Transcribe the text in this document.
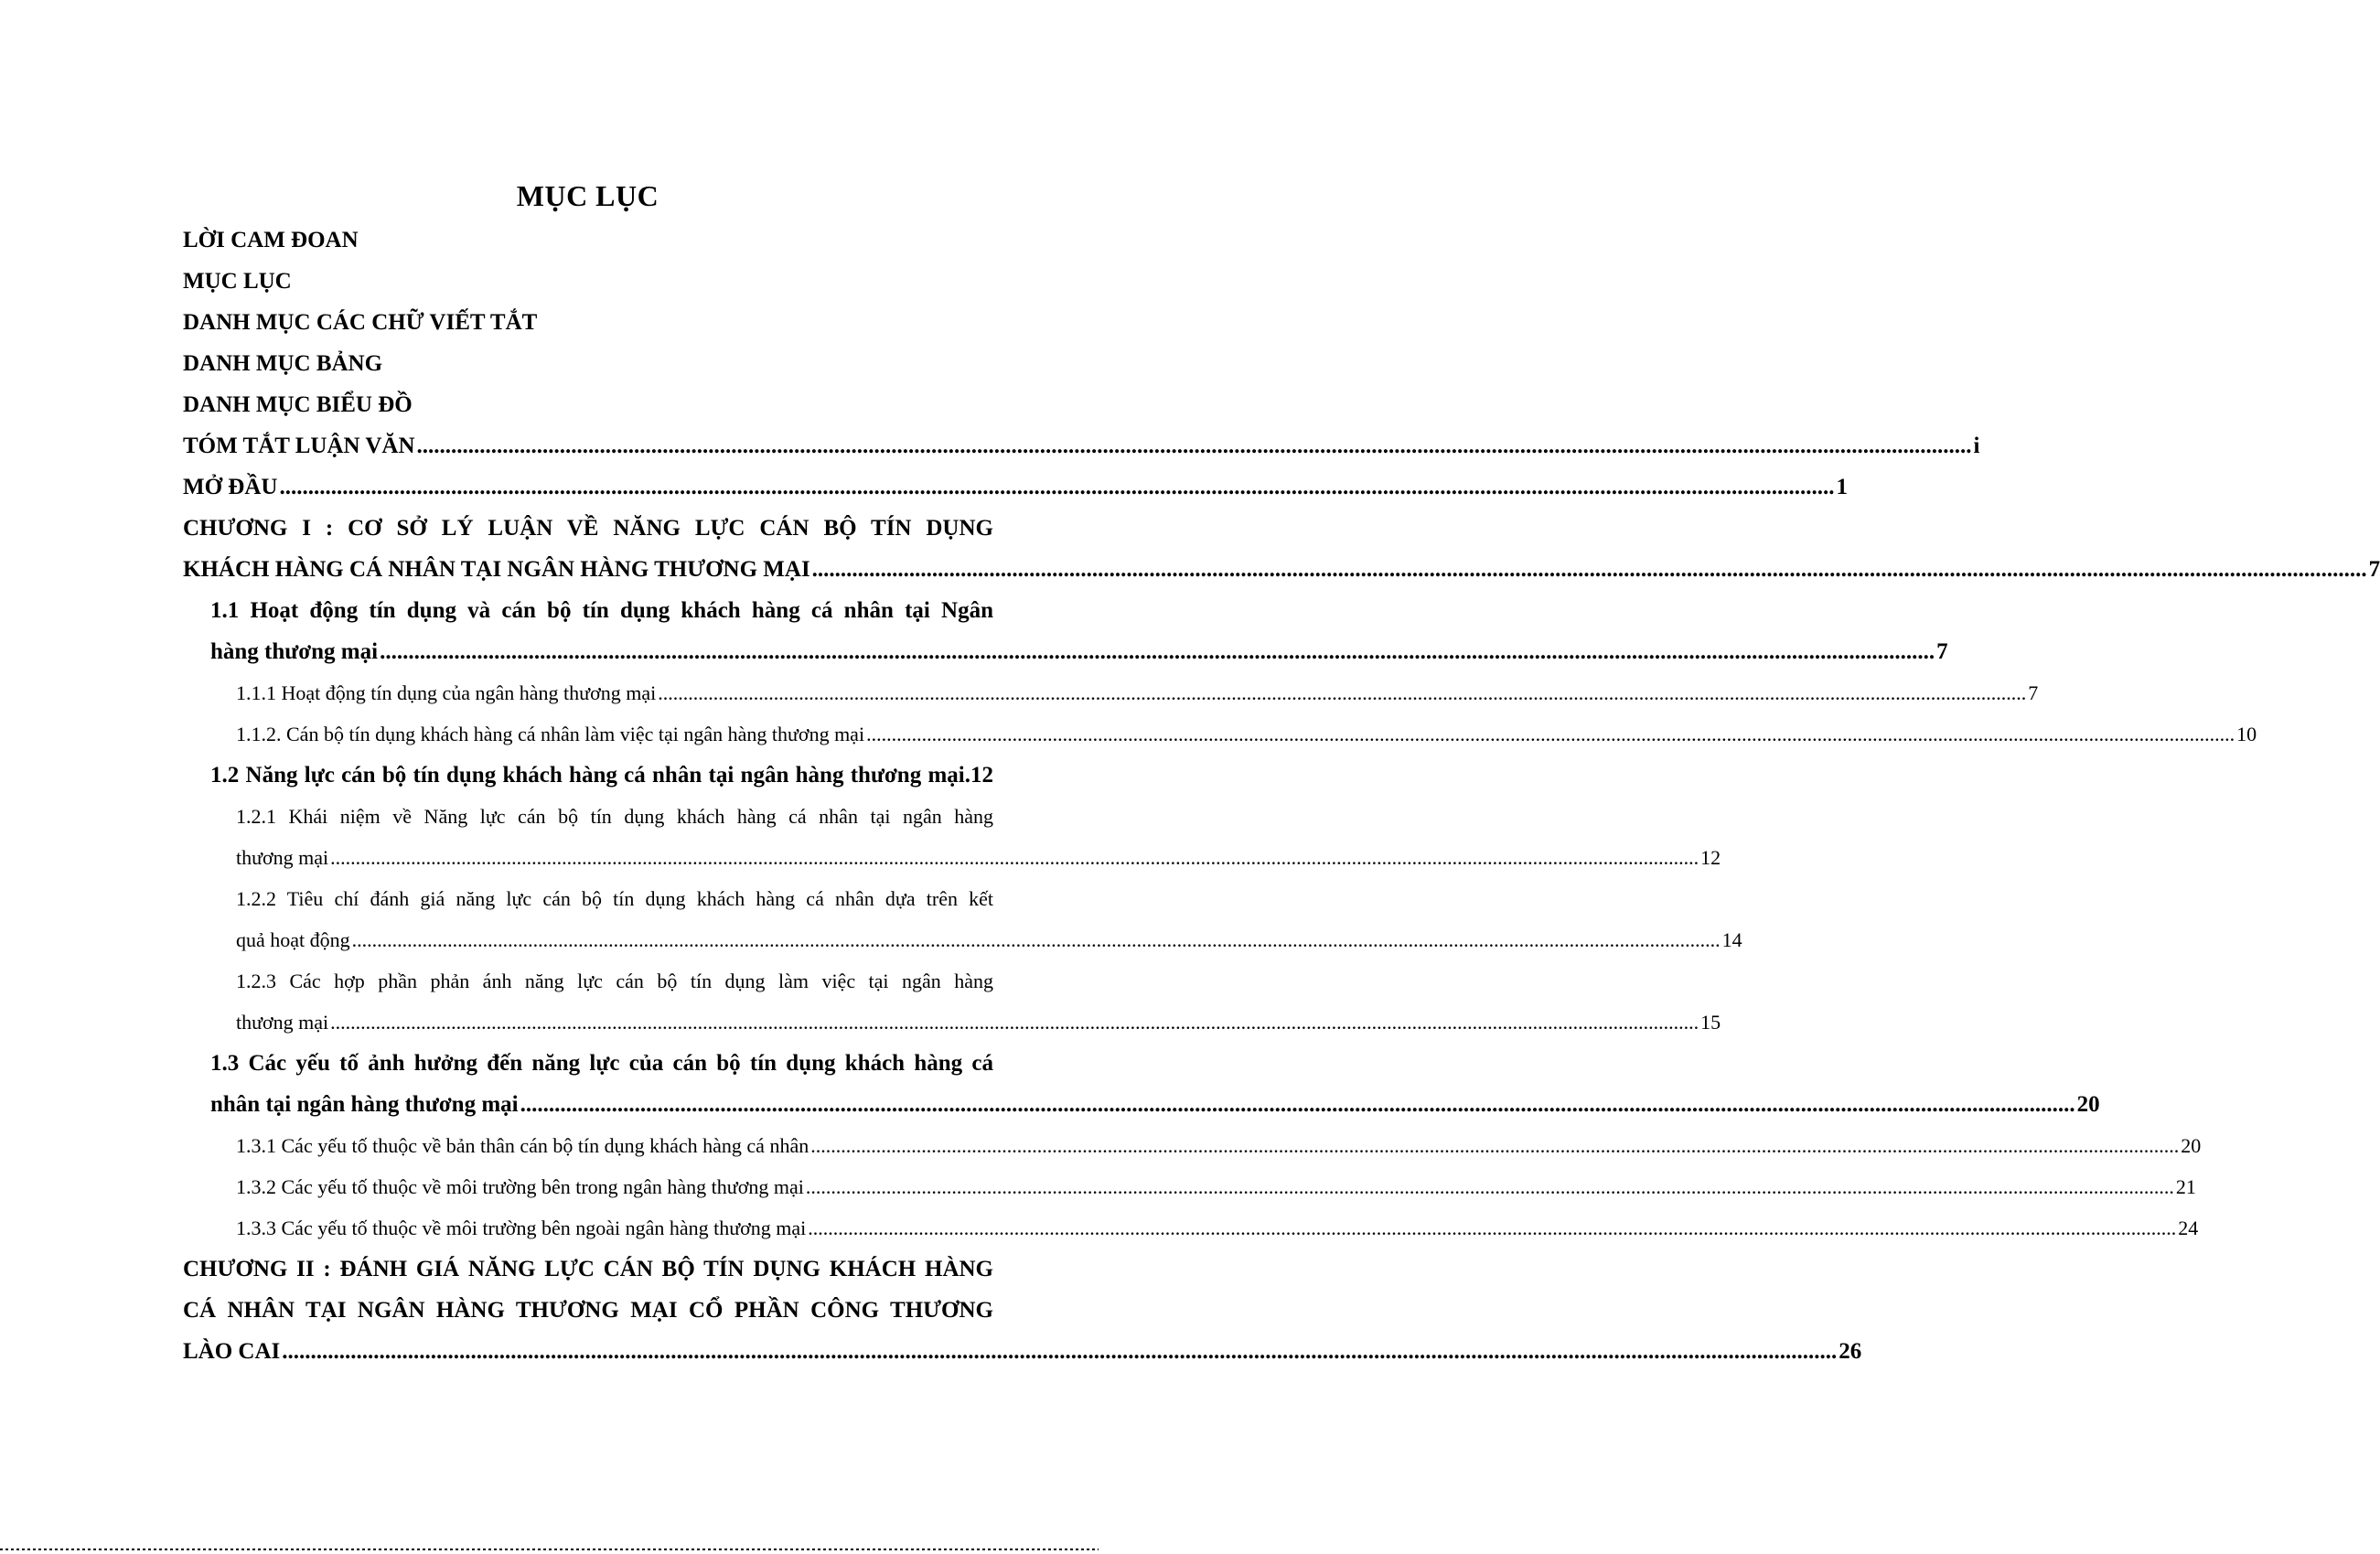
MỤC LỤC
LỜI CAM ĐOAN
MỤC LỤC
DANH MỤC CÁC CHỮ VIẾT TẮT
DANH MỤC BẢNG
DANH MỤC BIỂU ĐỒ
TÓM TẮT LUẬN VĂN .....	i
MỞ ĐẦU .....	1
CHƯƠNG I : CƠ SỞ LÝ LUẬN VỀ NĂNG LỰC CÁN BỘ TÍN DỤNG
KHÁCH HÀNG CÁ NHÂN TẠI NGÂN HÀNG THƯƠNG MẠI .....	7
1.1 Hoạt động tín dụng và cán bộ tín dụng khách hàng cá nhân tại Ngân
hàng thương mại .....	7
1.1.1 Hoạt động tín dụng của ngân hàng thương mại .....	7
1.1.2. Cán bộ tín dụng khách hàng cá nhân làm việc tại ngân hàng thương mại .....	10
1.2 Năng lực cán bộ tín dụng khách hàng cá nhân tại ngân hàng thương mại. 12
1.2.1 Khái niệm về Năng lực cán bộ tín dụng khách hàng cá nhân tại ngân hàng
thương mại .....	12
1.2.2 Tiêu chí đánh giá năng lực cán bộ tín dụng khách hàng cá nhân dựa trên kết
quả hoạt động .....	14
1.2.3 Các hợp phần phản ánh năng lực cán bộ tín dụng làm việc tại ngân hàng
thương mại .....	15
1.3 Các yếu tố ảnh hưởng đến năng lực của cán bộ tín dụng khách hàng cá
nhân tại ngân hàng thương mại .....	20
1.3.1 Các yếu tố thuộc về bản thân cán bộ tín dụng khách hàng cá nhân .....	20
1.3.2 Các yếu tố thuộc về môi trường bên trong ngân hàng thương mại .....	21
1.3.3 Các yếu tố thuộc về môi trường bên ngoài ngân hàng thương mại .....	24
CHƯƠNG II : ĐÁNH GIÁ NĂNG LỰC CÁN BỘ TÍN DỤNG KHÁCH HÀNG
CÁ NHÂN TẠI NGÂN HÀNG THƯƠNG MẠI CỔ PHẦN CÔNG THƯƠNG
LÀO CAI .....	26
